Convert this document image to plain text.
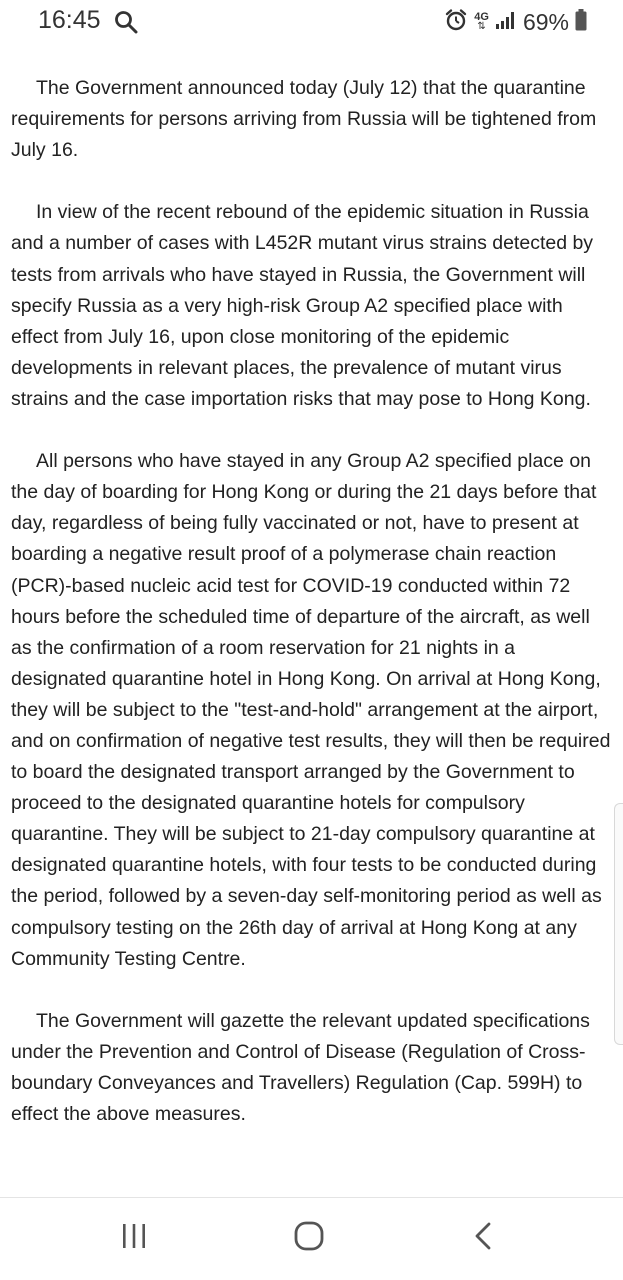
16:45	4G
⇅ 69%

The Government announced today (July 12) that the quarantine requirements for persons arriving from Russia will be tightened from July 16.

In view of the recent rebound of the epidemic situation in Russia and a number of cases with L452R mutant virus strains detected by tests from arrivals who have stayed in Russia, the Government will specify Russia as a very high-risk Group A2 specified place with effect from July 16, upon close monitoring of the epidemic developments in relevant places, the prevalence of mutant virus strains and the case importation risks that may pose to Hong Kong.

All persons who have stayed in any Group A2 specified place on the day of boarding for Hong Kong or during the 21 days before that day, regardless of being fully vaccinated or not, have to present at boarding a negative result proof of a polymerase chain reaction (PCR)-based nucleic acid test for COVID-19 conducted within 72 hours before the scheduled time of departure of the aircraft, as well as the confirmation of a room reservation for 21 nights in a designated quarantine hotel in Hong Kong. On arrival at Hong Kong, they will be subject to the "test-and-hold" arrangement at the airport, and on confirmation of negative test results, they will then be required to board the designated transport arranged by the Government to proceed to the designated quarantine hotels for compulsory quarantine. They will be subject to 21-day compulsory quarantine at designated quarantine hotels, with four tests to be conducted during the period, followed by a seven-day self-monitoring period as well as compulsory testing on the 26th day of arrival at Hong Kong at any Community Testing Centre.

The Government will gazette the relevant updated specifications under the Prevention and Control of Disease (Regulation of Cross-boundary Conveyances and Travellers) Regulation (Cap. 599H) to effect the above measures.
